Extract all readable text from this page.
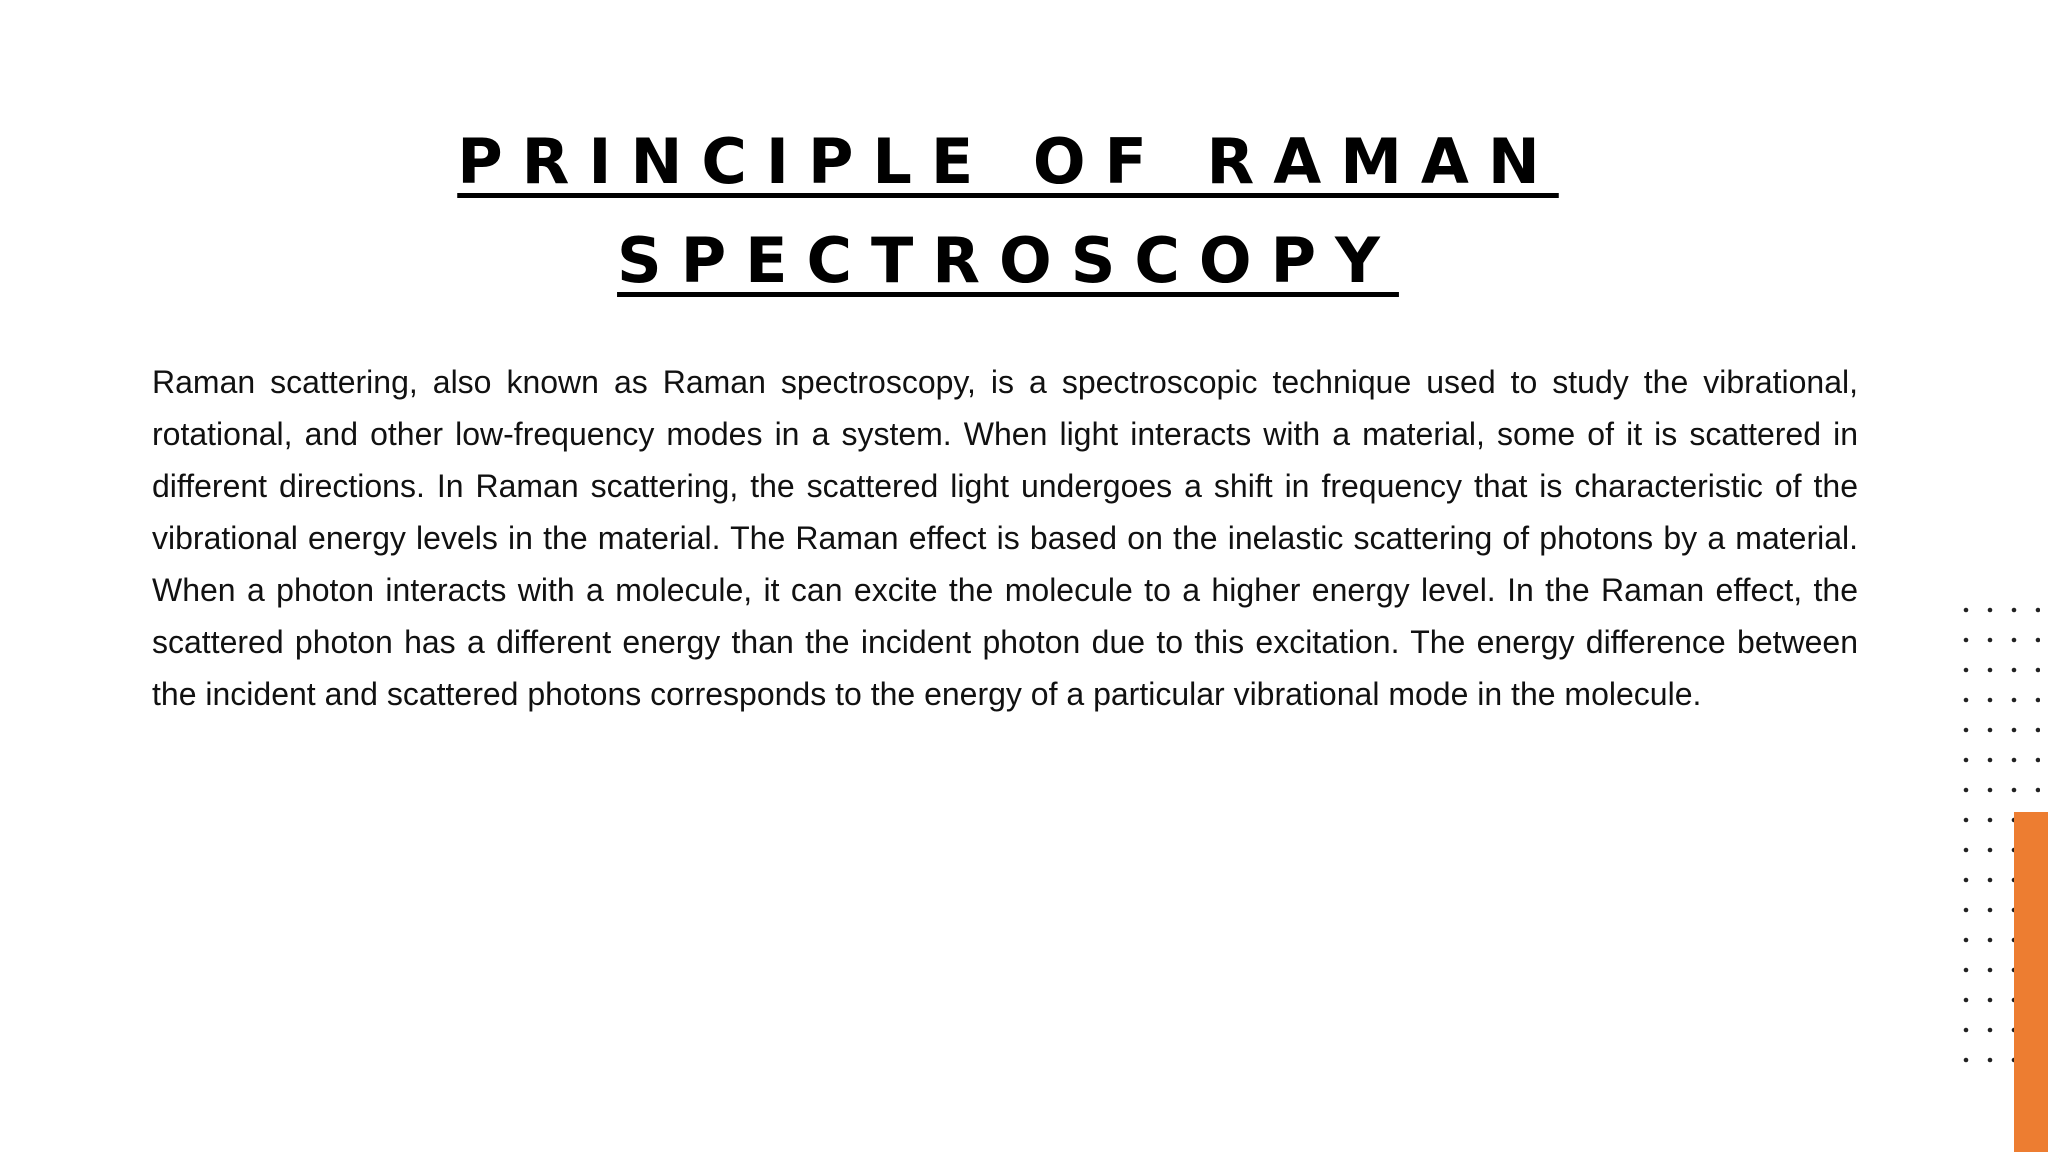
PRINCIPLE OF RAMAN
SPECTROSCOPY

Raman scattering, also known as Raman spectroscopy, is a spectroscopic technique used to study the vibrational, rotational, and other low-frequency modes in a system. When light interacts with a material, some of it is scattered in different directions. In Raman scattering, the scattered light undergoes a shift in frequency that is characteristic of the vibrational energy levels in the material. The Raman effect is based on the inelastic scattering of photons by a material. When a photon interacts with a molecule, it can excite the molecule to a higher energy level. In the Raman effect, the scattered photon has a different energy than the incident photon due to this excitation. The energy difference between the incident and scattered photons corresponds to the energy of a particular vibrational mode in the molecule.
